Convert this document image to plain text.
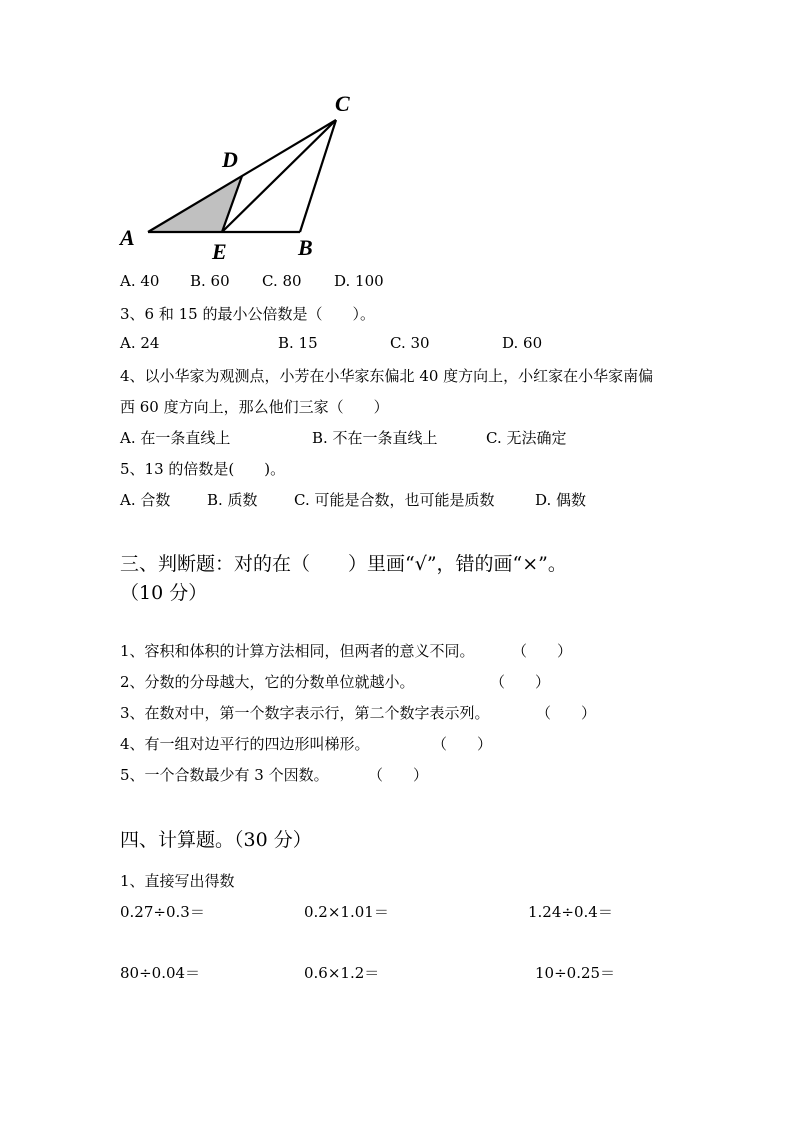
A	B
C
D
E
A. 40 B. 60 C. 80 D. 100
3、6 和 15 的最小公倍数是（　　）。
A. 24	B. 15	C. 30	D. 60
4、以小华家为观测点，小芳在小华家东偏北 40 度方向上，小红家在小华家南偏
西 60 度方向上，那么他们三家（　　）
A. 在一条直线上	B. 不在一条直线上	C. 无法确定
5、13 的倍数是(　　)。
A. 合数 B. 质数 C. 可能是合数，也可能是质数	D. 偶数
三、判断题：对的在（　　）里画“√”，错的画“×”。
（10 分）
1、容积和体积的计算方法相同，但两者的意义不同。 （　　）
2、分数的分母越大，它的分数单位就越小。	（　　）
3、在数对中，第一个数字表示行，第二个数字表示列。	（　　）
4、有一组对边平行的四边形叫梯形。	（　　）
5、一个合数最少有 3 个因数。	（　　）
四、计算题。（30 分）
1、直接写出得数
0.27÷0.3＝	0.2×1.01＝	1.24÷0.4＝
80÷0.04＝	0.6×1.2＝	10÷0.25＝
